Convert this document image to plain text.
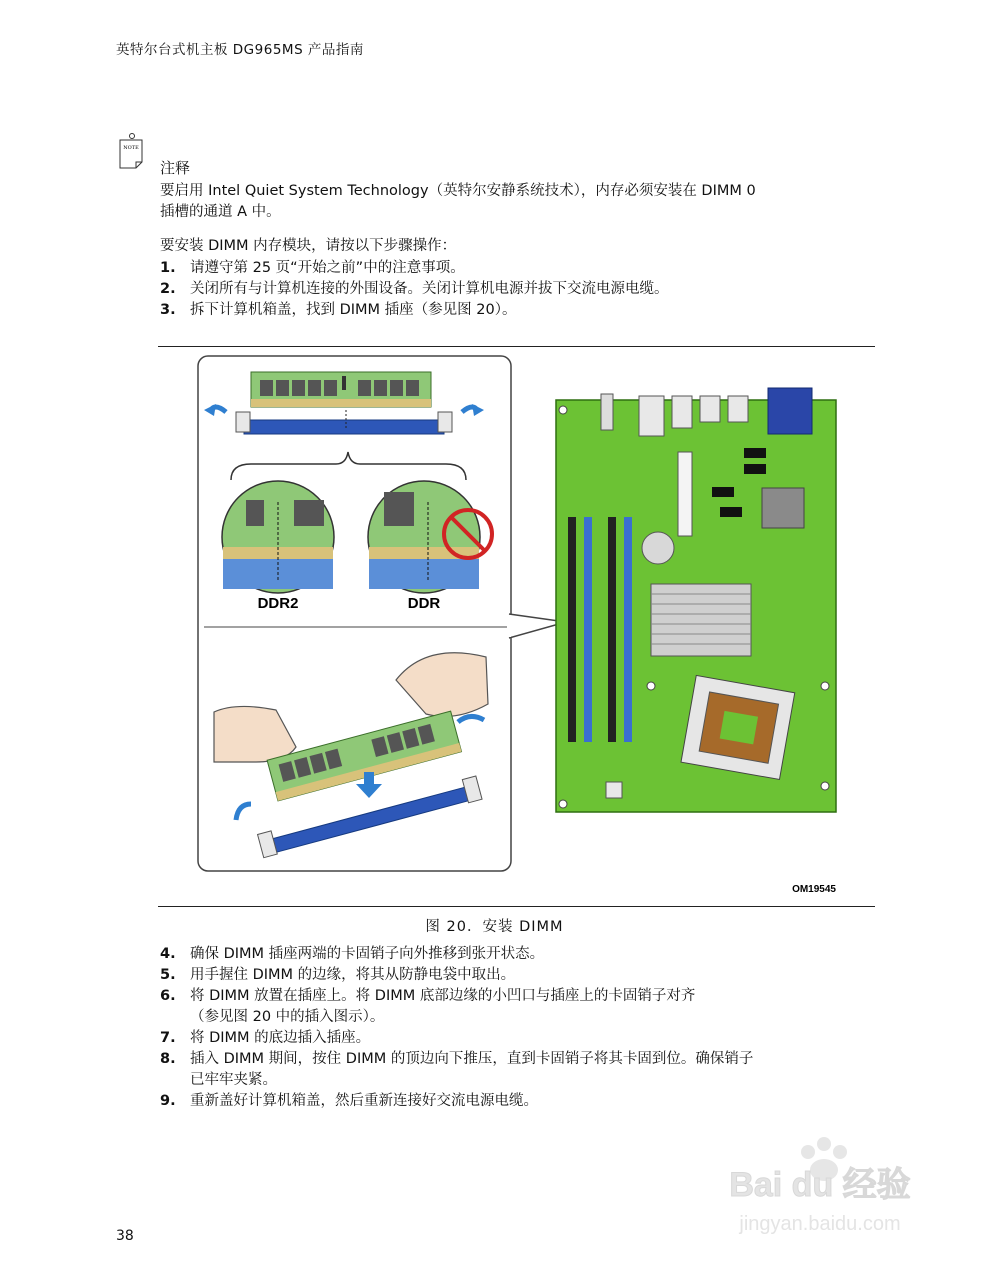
英特尔台式机主板 DG965MS 产品指南
NOTE
注释
要启用 Intel Quiet System Technology（英特尔安静系统技术），内存必须安装在 DIMM 0
插槽的通道 A 中。
要安装 DIMM 内存模块，请按以下步骤操作：
1. 请遵守第 25 页“开始之前”中的注意事项。
2. 关闭所有与计算机连接的外围设备。关闭计算机电源并拔下交流电源电缆。
3. 拆下计算机箱盖，找到 DIMM 插座（参见图 20）。
DDR2	DDR
OM19545
图 20．安装 DIMM
4. 确保 DIMM 插座两端的卡固销子向外推移到张开状态。
5. 用手握住 DIMM 的边缘，将其从防静电袋中取出。
6. 将 DIMM 放置在插座上。将 DIMM 底部边缘的小凹口与插座上的卡固销子对齐
（参见图 20 中的插入图示）。
7. 将 DIMM 的底边插入插座。
8. 插入 DIMM 期间，按住 DIMM 的顶边向下推压，直到卡固销子将其卡固到位。确保销子
已牢牢夹紧。
9. 重新盖好计算机箱盖，然后重新连接好交流电源电缆。
Bai du 经验
jingyan.baidu.com
38
